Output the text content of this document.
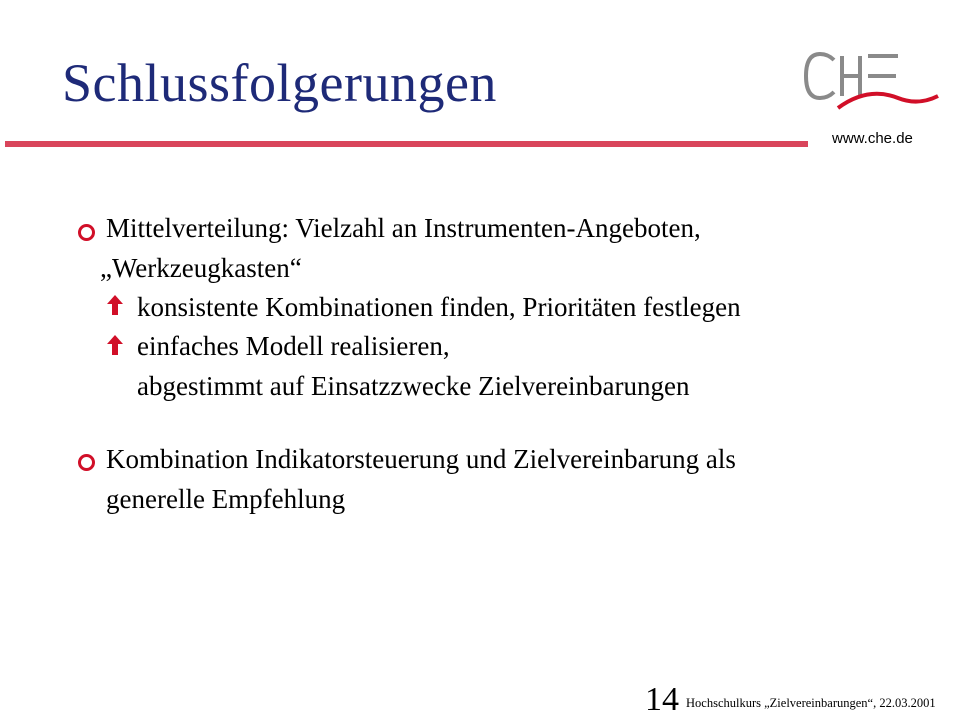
Schlussfolgerungen
www.che.de
Mittelverteilung: Vielzahl an Instrumenten-Angeboten,
„Werkzeugkasten“
konsistente Kombinationen finden, Prioritäten festlegen
einfaches Modell realisieren,
abgestimmt auf Einsatzzwecke Zielvereinbarungen
Kombination Indikatorsteuerung und Zielvereinbarung als
generelle Empfehlung
14 Hochschulkurs „Zielvereinbarungen“, 22.03.2001
